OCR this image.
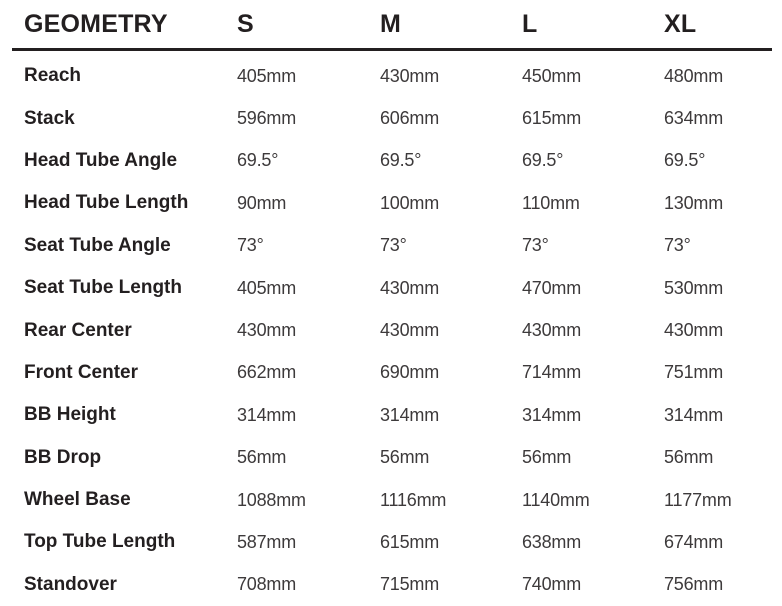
GEOMETRY	S	M	L	XL
Reach	405mm	430mm	450mm	480mm
Stack	596mm	606mm	615mm	634mm
Head Tube Angle	69.5°	69.5°	69.5°	69.5°
Head Tube Length	90mm	100mm	110mm	130mm
Seat Tube Angle	73°	73°	73°	73°
Seat Tube Length	405mm	430mm	470mm	530mm
Rear Center	430mm	430mm	430mm	430mm
Front Center	662mm	690mm	714mm	751mm
BB Height	314mm	314mm	314mm	314mm
BB Drop	56mm	56mm	56mm	56mm
Wheel Base	1088mm	1116mm	1140mm	1177mm
Top Tube Length	587mm	615mm	638mm	674mm
Standover	708mm	715mm	740mm	756mm
